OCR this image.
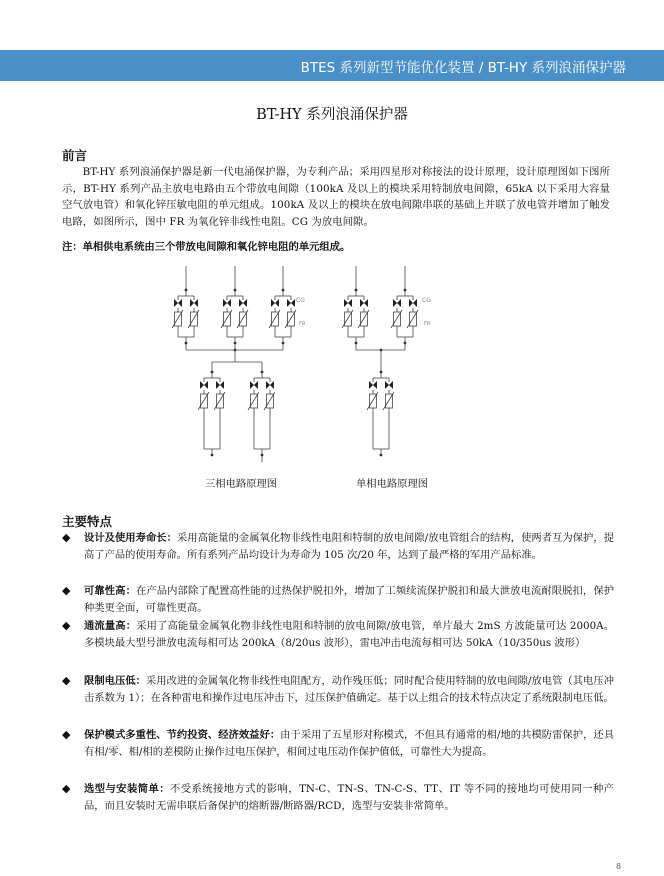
BTES 系列新型节能优化装置 / BT-HY 系列浪涌保护器
BT-HY 系列浪涌保护器
前言
BT-HY 系列浪涌保护器是新一代电涌保护器，为专利产品；采用四星形对称接法的设计原理，设计原理图如下图所示，BT-HY 系列产品主放电电路由五个带放电间隙（100kA 及以上的模块采用特制放电间隙，65kA 以下采用大容量空气放电管）和氧化锌压敏电阻的单元组成。100kA 及以上的模块在放电间隙串联的基础上并联了放电管并增加了触发电路，如图所示，图中 FR 为氧化锌非线性电阻。CG 为放电间隙。
注：单相供电系统由三个带放电间隙和氧化锌电阻的单元组成。
CG
FR
CG
FR
三相电路原理图	单相电路原理图
主要特点
◆ 设计及使用寿命长：采用高能量的金属氧化物非线性电阻和特制的放电间隙/放电管组合的结构，使两者互为保护，提高了产品的使用寿命。所有系列产品均设计为寿命为 105 次/20 年，达到了最严格的军用产品标准。
◆ 可靠性高：在产品内部除了配置高性能的过热保护脱扣外，增加了工频续流保护脱扣和最大泄放电流耐限脱扣，保护种类更全面，可靠性更高。
◆ 通流量高：采用了高能量金属氧化物非线性电阻和特制的放电间隙/放电管，单片最大 2mS 方波能量可达 2000A。多模块最大型号泄放电流每相可达 200kA（8/20us 波形），雷电冲击电流每相可达 50kA（10/350us 波形）
◆ 限制电压低：采用改进的金属氧化物非线性电阻配方，动作残压低；同时配合使用特制的放电间隙/放电管（其电压冲击系数为 1）；在各种雷电和操作过电压冲击下，过压保护值确定。基于以上组合的技术特点决定了系统限制电压低。
◆ 保护模式多重性、节约投资、经济效益好：由于采用了五星形对称模式，不但具有通常的相/地的共模防雷保护，还具有相/零、相/相的差模防止操作过电压保护，相间过电压动作保护值低，可靠性大为提高。
◆ 选型与安装简单：不受系统接地方式的影响，TN-C、TN-S、TN-C-S、TT、IT 等不同的接地均可使用同一种产品，而且安装时无需串联后备保护的熔断器/断路器/RCD，选型与安装非常简单。
8
